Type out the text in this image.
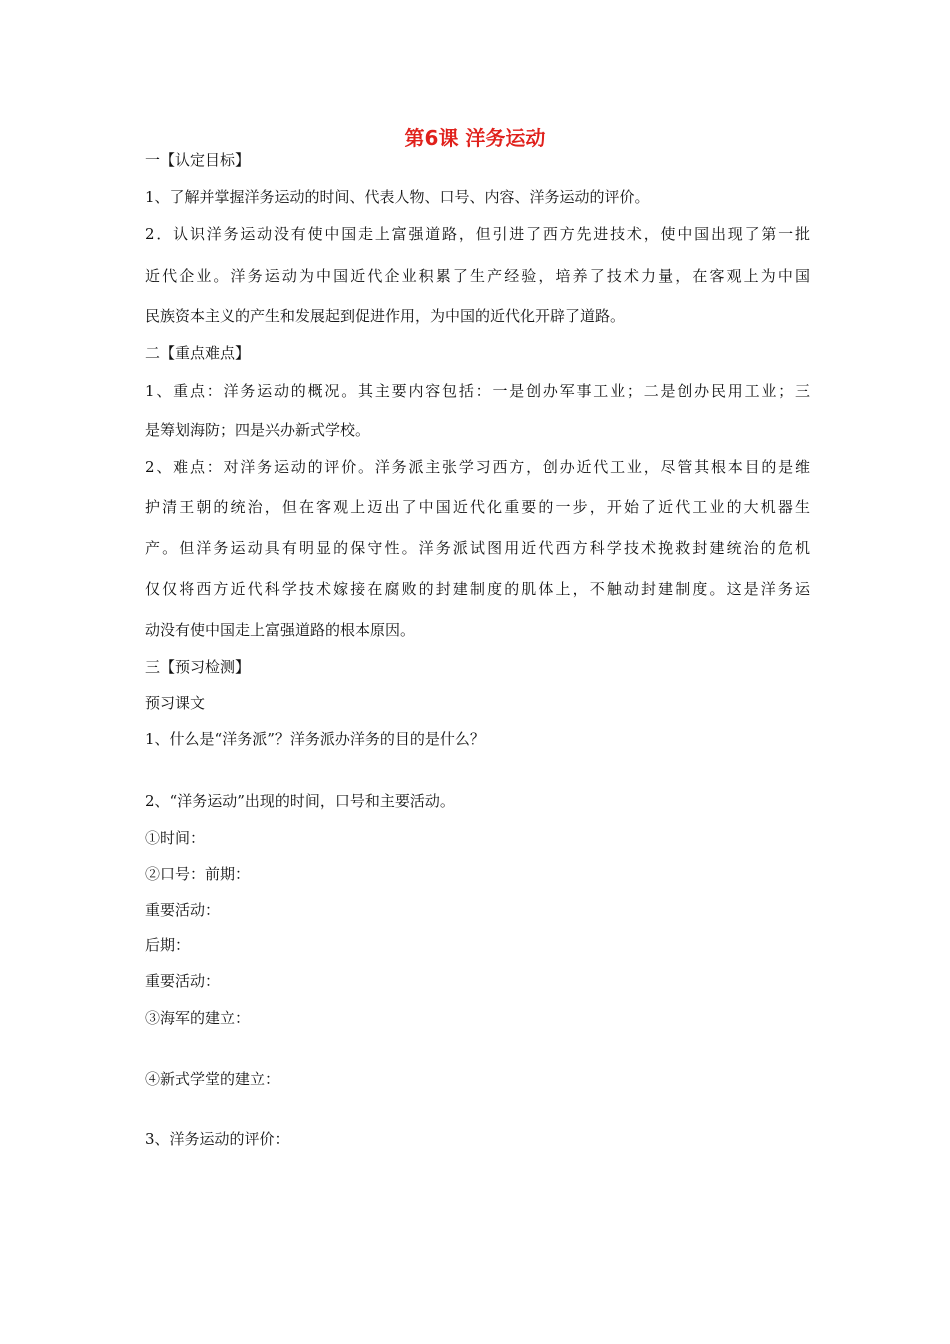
第6课 洋务运动
一【认定目标】
1、了解并掌握洋务运动的时间、代表人物、口号、内容、洋务运动的评价。
2．认识洋务运动没有使中国走上富强道路，但引进了西方先进技术，使中国出现了第一批
近代企业。洋务运动为中国近代企业积累了生产经验，培养了技术力量，在客观上为中国
民族资本主义的产生和发展起到促进作用，为中国的近代化开辟了道路。
二【重点难点】
1、重点：洋务运动的概况。其主要内容包括：一是创办军事工业；二是创办民用工业；三
是筹划海防；四是兴办新式学校。
2、难点：对洋务运动的评价。洋务派主张学习西方，创办近代工业，尽管其根本目的是维
护清王朝的统治，但在客观上迈出了中国近代化重要的一步，开始了近代工业的大机器生
产。但洋务运动具有明显的保守性。洋务派试图用近代西方科学技术挽救封建统治的危机
仅仅将西方近代科学技术嫁接在腐败的封建制度的肌体上，不触动封建制度。这是洋务运
动没有使中国走上富强道路的根本原因。
三【预习检测】
预习课文
1、什么是“洋务派”？洋务派办洋务的目的是什么？
2、“洋务运动”出现的时间，口号和主要活动。
①时间：
②口号：前期：
重要活动：
后期：
重要活动：
③海军的建立：
④新式学堂的建立：
3、洋务运动的评价：
